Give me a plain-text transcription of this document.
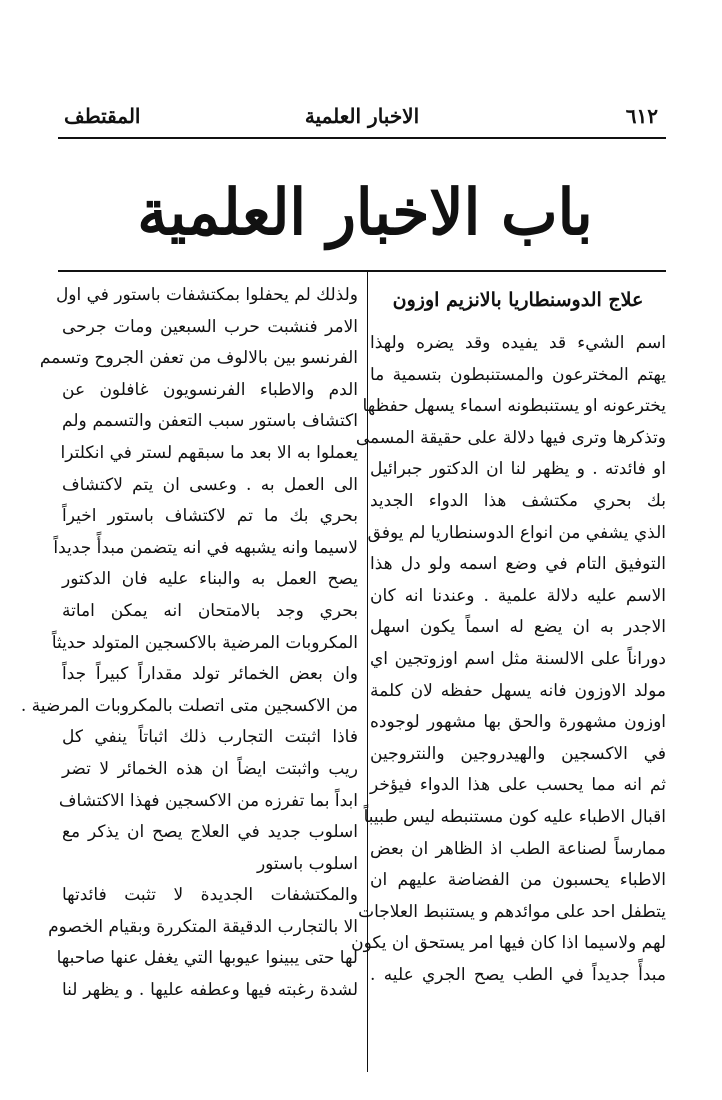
٦١٢
الاخبار العلمية
المقتطف
باب الاخبار العلمية
علاج الدوسنطاريا بالانزيم اوزون
اسم الشيء قد يفيده وقد يضره ولهذا
يهتم المخترعون والمستنبطون بتسمية ما
يخترعونه او يستنبطونه اسماء يسهل حفظها
وتذكرها وترى فيها دلالة على حقيقة المسمى
او فائدته . و يظهر لنا ان الدكتور جبرائيل
بك بحري مكتشف هذا الدواء الجديد
الذي يشفي من انواع الدوسنطاريا لم يوفق
التوفيق التام في وضع اسمه ولو دل هذا
الاسم عليه دلالة علمية . وعندنا انه كان
الاجدر به ان يضع له اسماً يكون اسهل
دوراناً على الالسنة مثل اسم اوزوتجين اي
مولد الاوزون فانه يسهل حفظه لان كلمة
اوزون مشهورة والحق بها مشهور لوجوده
في الاكسجين والهيدروجين والنتروجين
ثم انه مما يحسب على هذا الدواء فيؤخر
اقبال الاطباء عليه كون مستنبطه ليس طبيباً
ممارساً لصناعة الطب اذ الظاهر ان بعض
الاطباء يحسبون من الفضاضة عليهم ان
يتطفل احد على موائدهم و يستنبط العلاجات
لهم ولاسيما اذا كان فيها امر يستحق ان يكون
مبدأً جديداً في الطب يصح الجري عليه .
ولذلك لم يحفلوا بمكتشفات باستور في اول
الامر فنشبت حرب السبعين ومات جرحى
الفرنسو بين بالالوف من تعفن الجروح وتسمم
الدم والاطباء الفرنسويون غافلون عن
اكتشاف باستور سبب التعفن والتسمم ولم
يعملوا به الا بعد ما سبقهم لستر في انكلترا
الى العمل به . وعسى ان يتم لاكتشاف
بحري بك ما تم لاكتشاف باستور اخيراً
لاسيما وانه يشبهه في انه يتضمن مبدأً جديداً
يصح العمل به والبناء عليه فان الدكتور
بحري وجد بالامتحان انه يمكن اماتة
المكروبات المرضية بالاكسجين المتولد حديثاً
وان بعض الخمائر تولد مقداراً كبيراً جداً
من الاكسجين متى اتصلت بالمكروبات المرضية .
فاذا اثبتت التجارب ذلك اثباتاً ينفي كل
ريب واثبتت ايضاً ان هذه الخمائر لا تضر
ابداً بما تفرزه من الاكسجين فهذا الاكتشاف
اسلوب جديد في العلاج يصح ان يذكر مع
اسلوب باستور
والمكتشفات الجديدة لا تثبت فائدتها
الا بالتجارب الدقيقة المتكررة وبقيام الخصوم
لها حتى يبينوا عيوبها التي يغفل عنها صاحبها
لشدة رغبته فيها وعطفه عليها . و يظهر لنا
